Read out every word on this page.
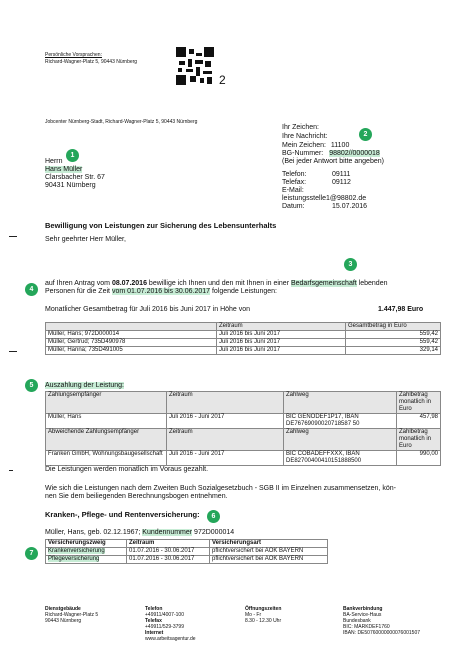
Persönliche Vorsprachen:
Richard-Wagner-Platz 5, 90443 Nürnberg
2
Jobcenter Nürnberg-Stadt, Richard-Wagner-Platz 5, 90443 Nürnberg
Ihr Zeichen:
Ihre Nachricht:
Mein Zeichen: 11100
BG-Nummer: 98802//0000018
(Bei jeder Antwort bitte angeben)
Telefon:	09111
Telefax:	09112
E-Mail:leistungsstelle1@98802.de
Datum:	15.07.2016
Herrn
Hans Müller
Clarsbacher Str. 67
90431 Nürnberg
1
2
3
4
5
6
7
Bewilligung von Leistungen zur Sicherung des Lebensunterhalts
Sehr geehrter Herr Müller,
auf Ihren Antrag vom 08.07.2016 bewillige ich Ihnen und den mit Ihnen in einer Bedarfsgemeinschaft lebenden
Personen für die Zeit vom 01.07.2016 bis 30.06.2017 folgende Leistungen:
Monatlicher Gesamtbetrag für Juli 2016 bis Juni 2017 in Höhe von	1.447,98 Euro
	Zeitraum	Gesamtbetrag in Euro
Müller, Hans; 972D000014	Juli 2016 bis Juni 2017	559,42
Müller, Gertrud; 735D490978	Juli 2016 bis Juni 2017	559,42
Müller, Hanna; 735D491005	Juli 2016 bis Juni 2017	329,14
Auszahlung der Leistung:
Zahlungsempfänger	Zeitraum	Zahlweg	Zahlbetrag monatlich in Euro
Müller, Hans	Juli 2016 - Juni 2017	BIC GENODEF1P17, IBAN DE76769090020718587 50	457,98
Abweichende Zahlungsempfänger	Zeitraum	Zahlweg	Zahlbetrag monatlich in Euro
Franken GmbH, Wohnungsbaugesellschaft	Juli 2016 - Juni 2017	BIC COBADEFFXXX, IBAN DE82700400410151888500	990,00
Die Leistungen werden monatlich im Voraus gezahlt.
Wie sich die Leistungen nach dem Zweiten Buch Sozialgesetzbuch - SGB II im Einzelnen zusammensetzen, kön-
nen Sie dem beiliegenden Berechnungsbogen entnehmen.
Kranken-, Pflege- und Rentenversicherung:
Müller, Hans, geb. 02.12.1967; Kundennummer 972D000014
Versicherungszweig	Zeitraum	Versicherungsart
Krankenversicherung	01.07.2016 - 30.06.2017	pflichtversichert bei AOK BAYERN
Pflegeversicherung	01.07.2016 - 30.06.2017	pflichtversichert bei AOK BAYERN
Dienstgebäude
Richard-Wagner-Platz 5
90443 Nürnberg
Telefon
+49911/4007-100
Telefax
+49911/529-3799
Internet
www.arbeitsagentur.de
Öffnungszeiten
Mo - Fr
8.30 - 12.30 Uhr
Bankverbindung
BA-Service-Haus
Bundesbank
BIC: MARKDEF1760
IBAN: DE50760000000076001507
